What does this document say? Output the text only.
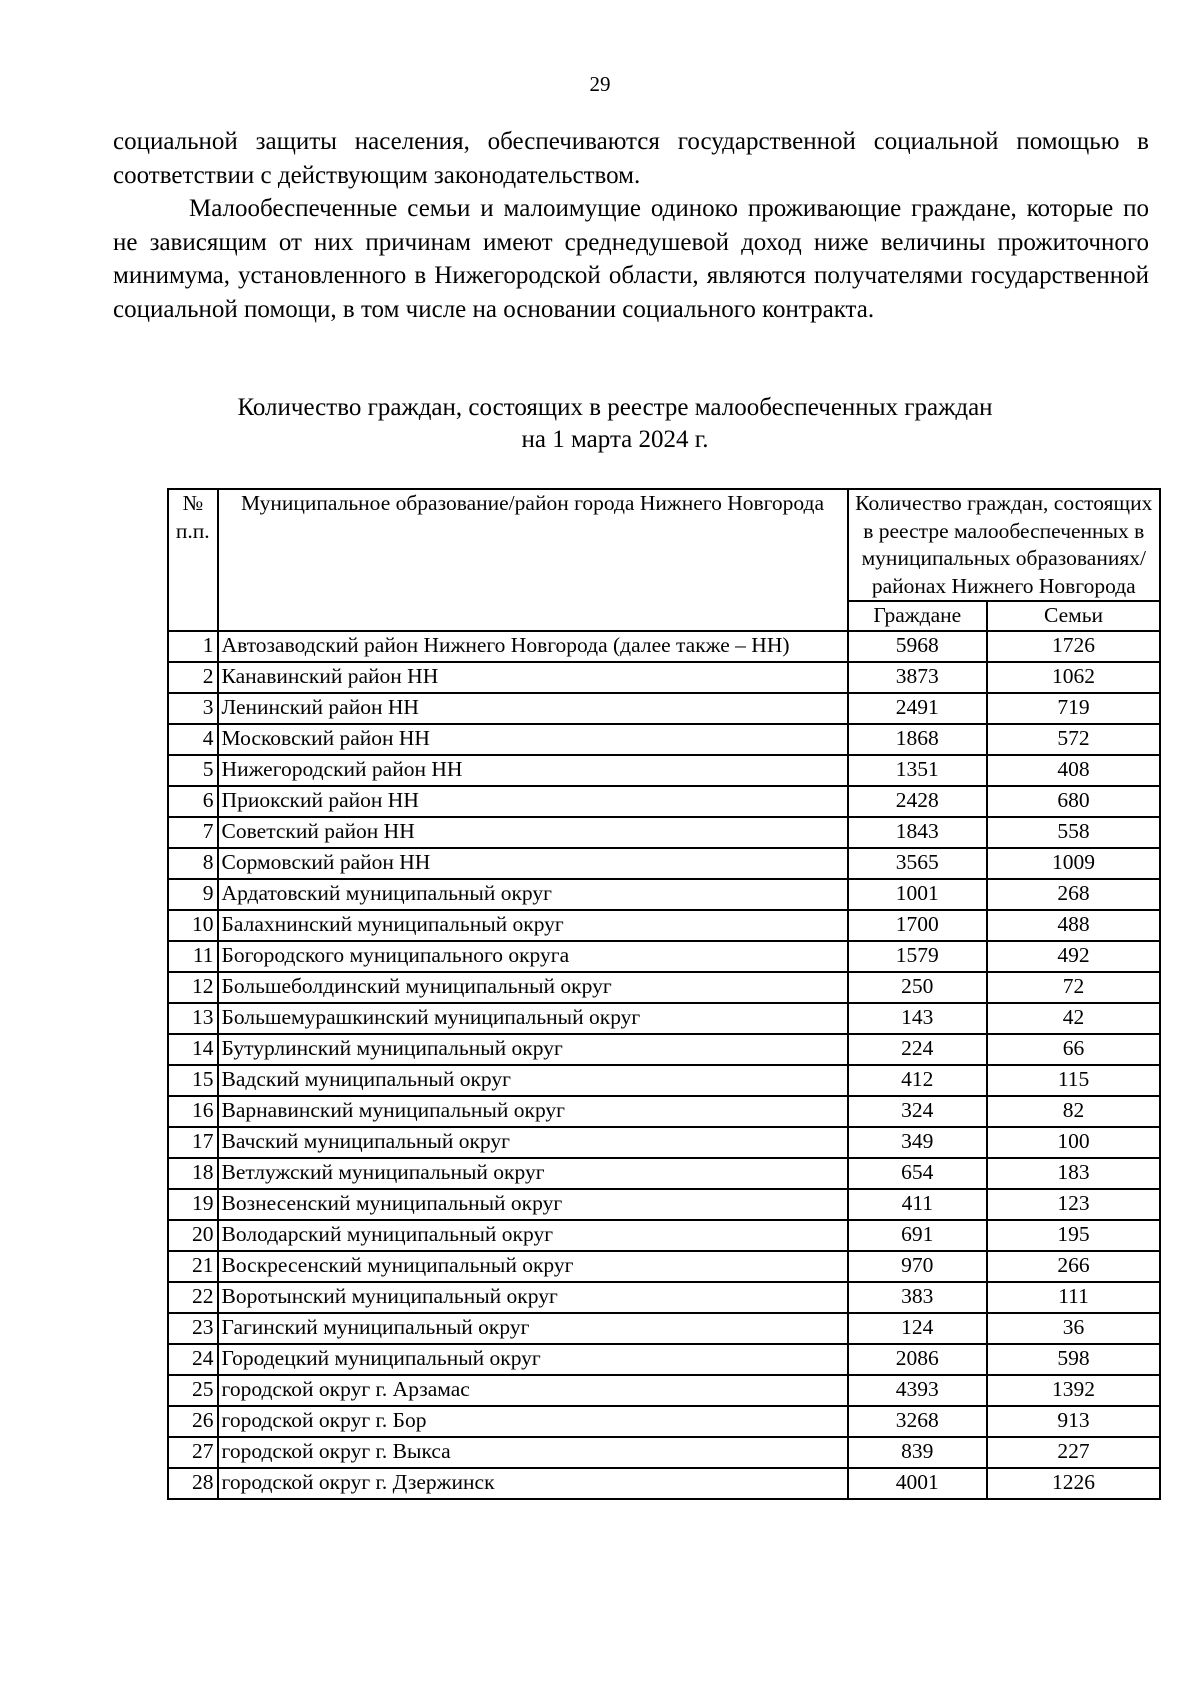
29

социальной защиты населения, обеспечиваются государственной социальной помощью в соответствии с действующим законодательством.

Малообеспеченные семьи и малоимущие одиноко проживающие граждане, которые по не зависящим от них причинам имеют среднедушевой доход ниже величины прожиточного минимума, установленного в Нижегородской области, являются получателями государственной социальной помощи, в том числе на основании социального контракта.

Количество граждан, состоящих в реестре малообеспеченных граждан
на 1 марта 2024 г.
№ п.п.	Муниципальное образование/район города Нижнего Новгорода	Количество граждан, состоящих в реестре малообеспеченных в муниципальных образованиях/районах Нижнего Новгорода	
		Граждане	Семьи
1	Автозаводский район Нижнего Новгорода (далее также – НН)	5968	1726
2	Канавинский район НН	3873	1062
3	Ленинский район НН	2491	719
4	Московский район НН	1868	572
5	Нижегородский район НН	1351	408
6	Приокский район НН	2428	680
7	Советский район НН	1843	558
8	Сормовский район НН	3565	1009
9	Ардатовский муниципальный округ	1001	268
10	Балахнинский муниципальный округ	1700	488
11	Богородского муниципального округа	1579	492
12	Большеболдинский муниципальный округ	250	72
13	Большемурашкинский муниципальный округ	143	42
14	Бутурлинский муниципальный округ	224	66
15	Вадский муниципальный округ	412	115
16	Варнавинский муниципальный округ	324	82
17	Вачский муниципальный округ	349	100
18	Ветлужский муниципальный округ	654	183
19	Вознесенский муниципальный округ	411	123
20	Володарский муниципальный округ	691	195
21	Воскресенский муниципальный округ	970	266
22	Воротынский муниципальный округ	383	111
23	Гагинский муниципальный округ	124	36
24	Городецкий муниципальный округ	2086	598
25	городской округ г. Арзамас	4393	1392
26	городской округ г. Бор	3268	913
27	городской округ г. Выкса	839	227
28	городской округ г. Дзержинск	4001	1226
